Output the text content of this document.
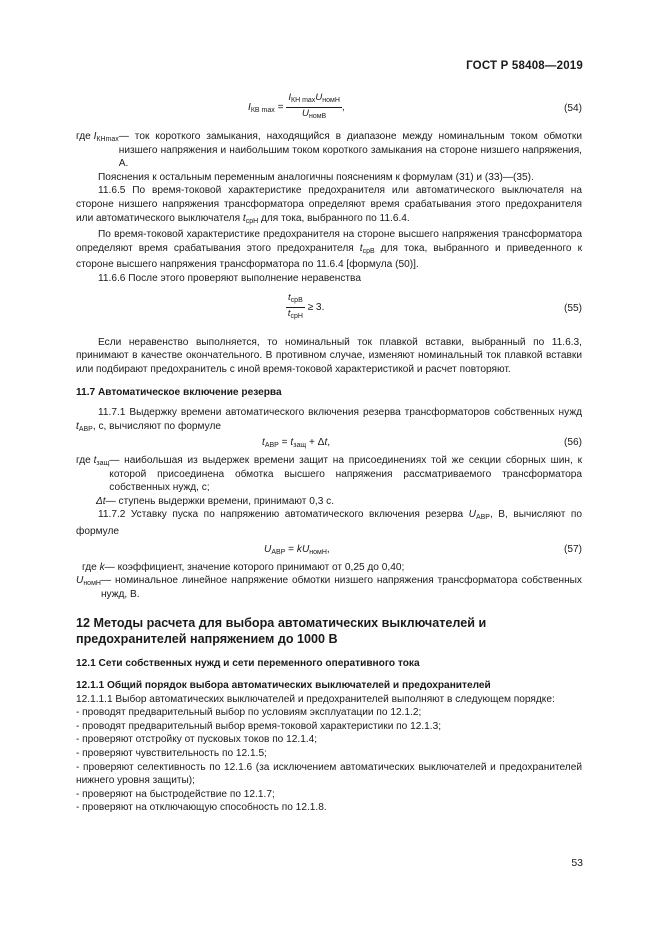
ГОСТ Р 58408—2019
$I_{КВ max} = \frac{I_{КН max}U_{номН}}{U_{номВ}}$ ,	(54)
где $I_{КНmax}$ — ток короткого замыкания, находящийся в диапазоне между номинальным током обмотки низшего напряжения и наибольшим током короткого замыкания на стороне низшего напряжения, А.

Пояснения к остальным переменным аналогичны пояснениям к формулам (31) и (33)—(35).

11.6.5 По время-токовой характеристике предохранителя или автоматического выключателя на стороне низшего напряжения трансформатора определяют время срабатывания этого предохранителя или автоматического выключателя $t_{срН}$ для тока, выбранного по 11.6.4.

По время-токовой характеристике предохранителя на стороне высшего напряжения трансформатора определяют время срабатывания этого предохранителя $t_{срВ}$ для тока, выбранного и приведенного к стороне высшего напряжения трансформатора по 11.6.4 [формула (50)].

11.6.6 После этого проверяют выполнение неравенства

$\frac{t_{срВ}}{t_{срН}} \ge 3$.	(55)

Если неравенство выполняется, то номинальный ток плавкой вставки, выбранный по 11.6.3, принимают в качестве окончательного. В противном случае, изменяют номинальный ток плавкой вставки или подбирают предохранитель с иной время-токовой характеристикой и расчет повторяют.

11.7 Автоматическое включение резерва

11.7.1 Выдержку времени автоматического включения резерва трансформаторов собственных нужд $t_{АВР}$, с, вычисляют по формуле

$t_{АВР} = t_{защ} + \Delta t$,	(56)
где $t_{защ}$ — наибольшая из выдержек времени защит на присоединениях той же секции сборных шин, к которой присоединена обмотка высшего напряжения рассматриваемого трансформатора собственных нужд, с;
Δt — ступень выдержки времени, принимают 0,3 с.

11.7.2 Уставку пуска по напряжению автоматического включения резерва $U_{АВР}$, В, вычисляют по формуле

$U_{АВР} = kU_{номН}$,	(57)
где k — коэффициент, значение которого принимают от 0,25 до 0,40;
$U_{номН}$ — номинальное линейное напряжение обмотки низшего напряжения трансформатора собственных нужд, В.
12 Методы расчета для выбора автоматических выключателей и
предохранителей напряжением до 1000 В
12.1 Сети собственных нужд и сети переменного оперативного тока
12.1.1 Общий порядок выбора автоматических выключателей и предохранителей

12.1.1.1 Выбор автоматических выключателей и предохранителей выполняют в следующем порядке:

- проводят предварительный выбор по условиям эксплуатации по 12.1.2;

- проводят предварительный выбор время-токовой характеристики по 12.1.3;

- проверяют отстройку от пусковых токов по 12.1.4;

- проверяют чувствительность по 12.1.5;

- проверяют селективность по 12.1.6 (за исключением автоматических выключателей и предохранителей нижнего уровня защиты);

- проверяют на быстродействие по 12.1.7;

- проверяют на отключающую способность по 12.1.8.

53
